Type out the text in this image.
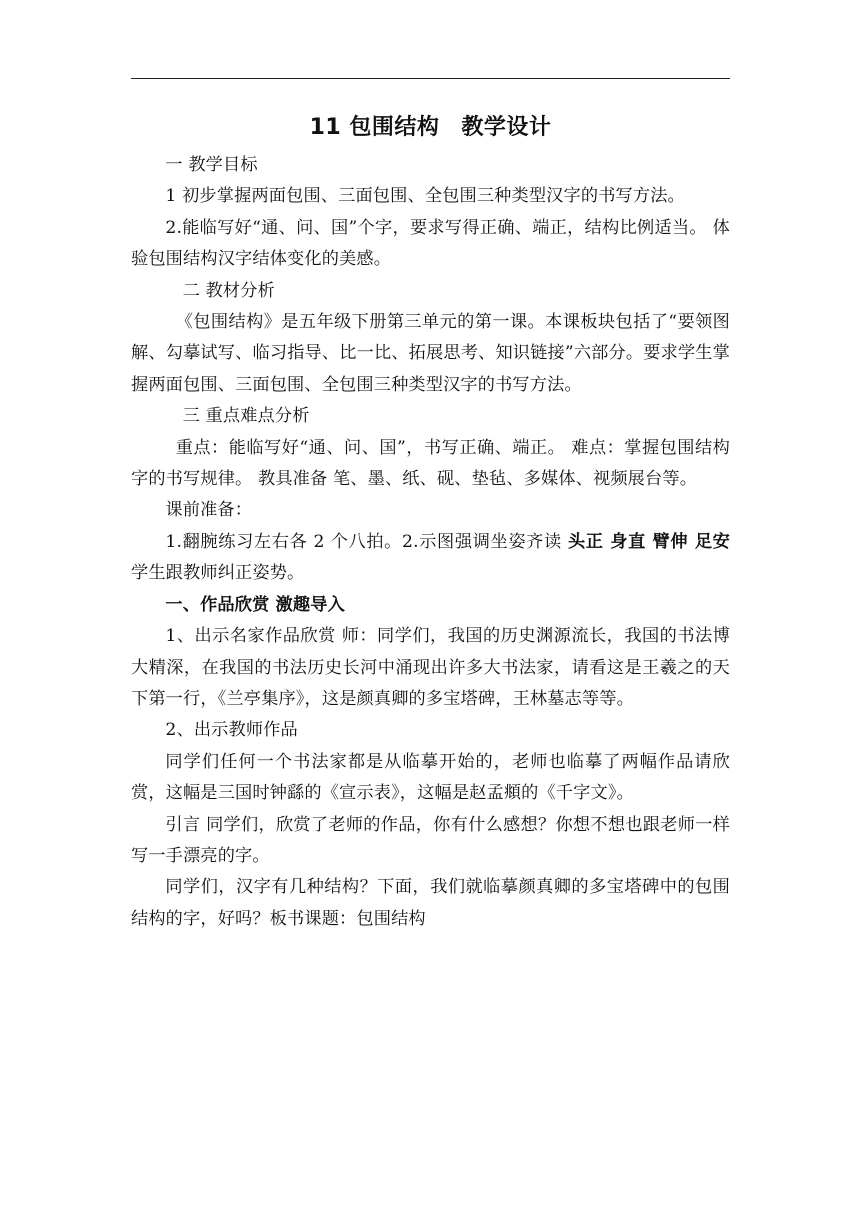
11 包围结构 教学设计

一 教学目标

1 初步掌握两面包围、三面包围、全包围三种类型汉字的书写方法。

2.能临写好“通、问、国”个字，要求写得正确、端正，结构比例适当。 体验包围结构汉字结体变化的美感。

二 教材分析

《包围结构》是五年级下册第三单元的第一课。本课板块包括了“要领图解、勾摹试写、临习指导、比一比、拓展思考、知识链接”六部分。要求学生掌握两面包围、三面包围、全包围三种类型汉字的书写方法。

三 重点难点分析

重点：能临写好“通、问、国”，书写正确、端正。 难点：掌握包围结构字的书写规律。 教具准备 笔、墨、纸、砚、垫毡、多媒体、视频展台等。

课前准备：

1.翻腕练习左右各 2 个八拍。2.示图强调坐姿齐读 头正 身直 臂伸 足安 学生跟教师纠正姿势。

一、作品欣赏 激趣导入

1、出示名家作品欣赏 师：同学们，我国的历史渊源流长，我国的书法博大精深，在我国的书法历史长河中涌现出许多大书法家，请看这是王羲之的天下第一行，《兰亭集序》，这是颜真卿的多宝塔碑，王林墓志等等。

2、出示教师作品

同学们任何一个书法家都是从临摹开始的，老师也临摹了两幅作品请欣赏，这幅是三国时钟繇的《宣示表》，这幅是赵孟頫的《千字文》。

引言 同学们，欣赏了老师的作品，你有什么感想？你想不想也跟老师一样写一手漂亮的字。

同学们，汉字有几种结构？下面，我们就临摹颜真卿的多宝塔碑中的包围结构的字，好吗？板书课题：包围结构
